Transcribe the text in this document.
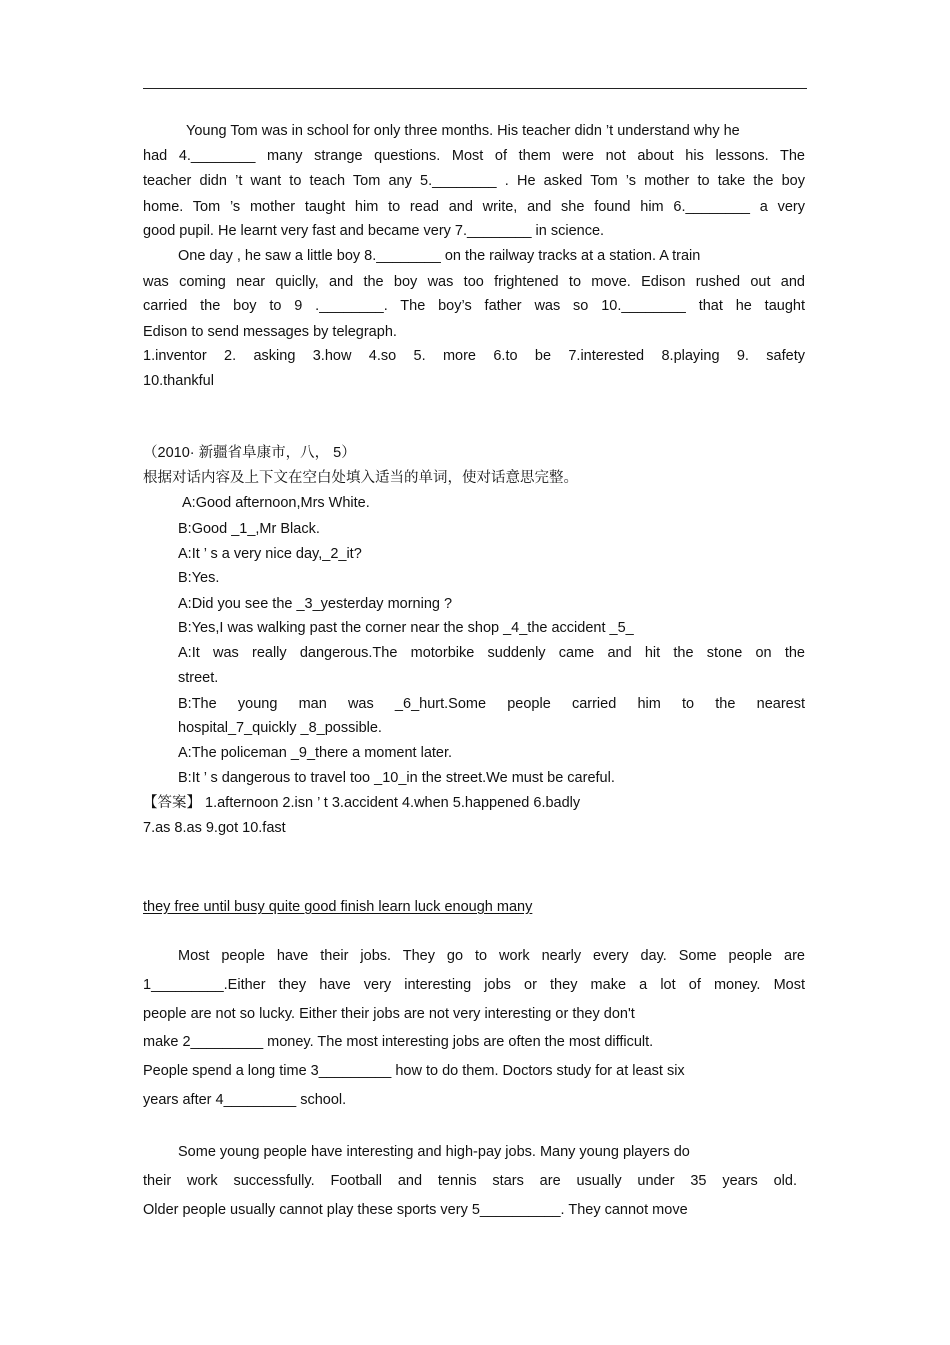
Young Tom was in school for only three months. His teacher didn ’t understand why he
had 4.________ many strange questions. Most of them were not about his lessons. The
teacher didn ’t want to teach Tom any 5.________ . He asked Tom ’s mother to take the boy
home. Tom ’s mother taught him to read and write, and she found him 6.________ a very
good pupil. He learnt very fast and became very 7.________ in science.
One day , he saw a little boy 8.________ on the railway tracks at a station. A train
was coming near quiclly, and the boy was too frightened to move. Edison rushed out and
carried the boy to 9 .________. The boy’s father was so 10.________ that he taught
Edison to send messages by telegraph.
1.inventor 2. asking 3.how 4.so 5. more 6.to be 7.interested 8.playing 9. safety
10.thankful
（2010· 新疆省阜康市，八， 5）
根据对话内容及上下文在空白处填入适当的单词，使对话意思完整。
A:Good afternoon,Mrs White.
B:Good _1_,Mr Black.
A:It ’ s a very nice day,_2_it?
B:Yes.
A:Did you see the _3_yesterday morning ?
B:Yes,I was walking past the corner near the shop _4_the accident _5_
A:It was really dangerous.The motorbike suddenly came and hit the stone on the
street.
B:The young man was _6_hurt.Some people carried him to the nearest
hospital_7_quickly _8_possible.
A:The policeman _9_there a moment later.
B:It ’ s dangerous to travel too _10_in the street.We must be careful.
【答案】 1.afternoon 2.isn ’ t 3.accident 4.when 5.happened 6.badly
7.as 8.as 9.got 10.fast
they free until busy quite good finish learn luck enough many
Most people have their jobs. They go to work nearly every day. Some people are
1_________.Either they have very interesting jobs or they make a lot of money. Most
people are not so lucky. Either their jobs are not very interesting or they don't
make 2_________ money. The most interesting jobs are often the most difficult.
People spend a long time 3_________ how to do them. Doctors study for at least six
years after 4_________ school.
Some young people have interesting and high-pay jobs. Many young players do
their work successfully. Football and tennis stars are usually under 35 years old.
Older people usually cannot play these sports very 5__________. They cannot move
